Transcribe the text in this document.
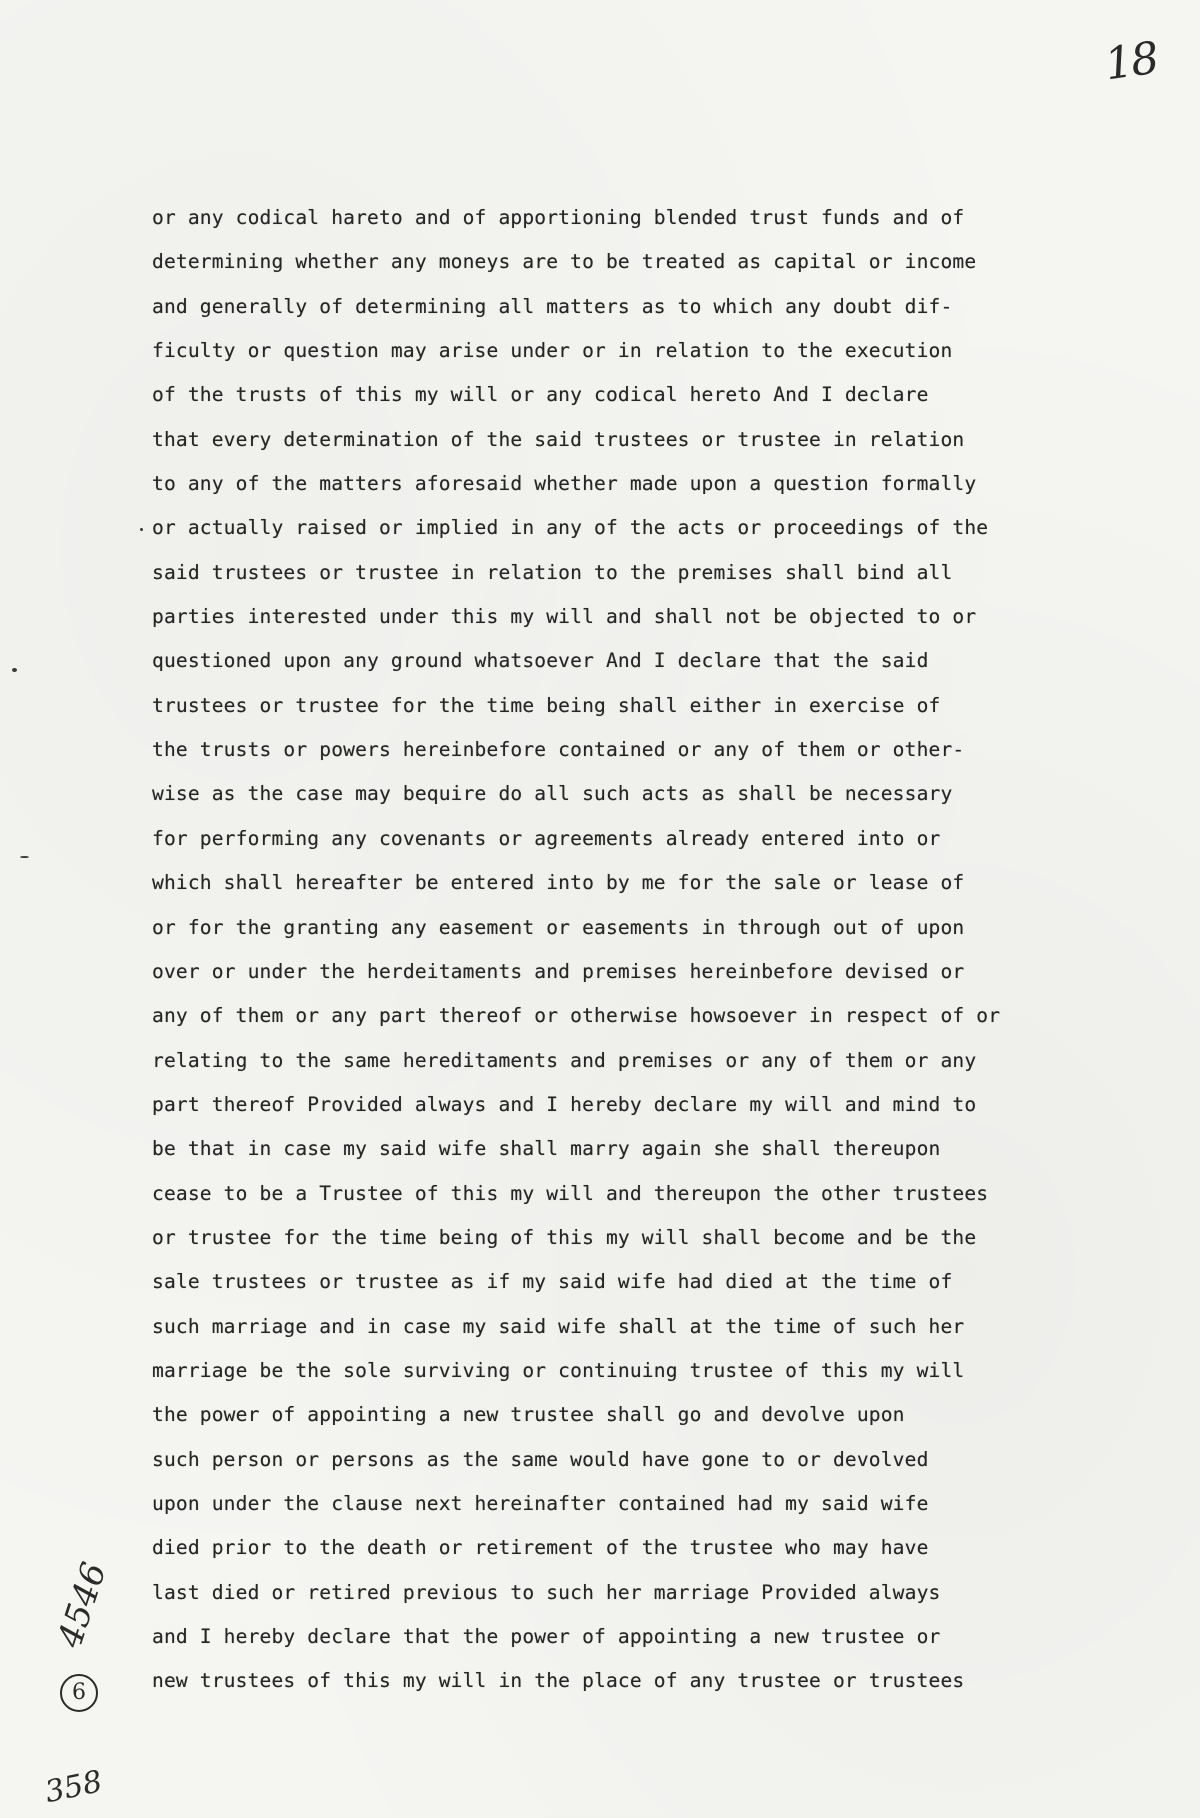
18
or any codical hareto and of apportioning blended trust funds and of
determining whether any moneys are to be treated as capital or income
and generally of determining all matters as to which any doubt dif-
ficulty or question may arise under or in relation to the execution
of the trusts of this my will or any codical hereto And I declare
that every determination of the said trustees or trustee in relation
to any of the matters aforesaid whether made upon a question formally
or actually raised or implied in any of the acts or proceedings of the
said trustees or trustee in relation to the premises shall bind all
parties interested under this my will and shall not be objected to or
questioned upon any ground whatsoever And I declare that the said
trustees or trustee for the time being shall either in exercise of
the trusts or powers hereinbefore contained or any of them or other-
wise as the case may bequire do all such acts as shall be necessary
for performing any covenants or agreements already entered into or
which shall hereafter be entered into by me for the sale or lease of
or for the granting any easement or easements in through out of upon
over or under the herdeitaments and premises hereinbefore devised or
any of them or any part thereof or otherwise howsoever in respect of or
relating to the same hereditaments and premises or any of them or any
part thereof Provided always and I hereby declare my will and mind to
be that in case my said wife shall marry again she shall thereupon
cease to be a Trustee of this my will and thereupon the other trustees
or trustee for the time being of this my will shall become and be the
sale trustees or trustee as if my said wife had died at the time of
such marriage and in case my said wife shall at the time of such her
marriage be the sole surviving or continuing trustee of this my will
the power of appointing a new trustee shall go and devolve upon
such person or persons as the same would have gone to or devolved
upon under the clause next hereinafter contained had my said wife
died prior to the death or retirement of the trustee who may have
last died or retired previous to such her marriage Provided always
and I hereby declare that the power of appointing a new trustee or
new trustees of this my will in the place of any trustee or trustees
4546
6
358
